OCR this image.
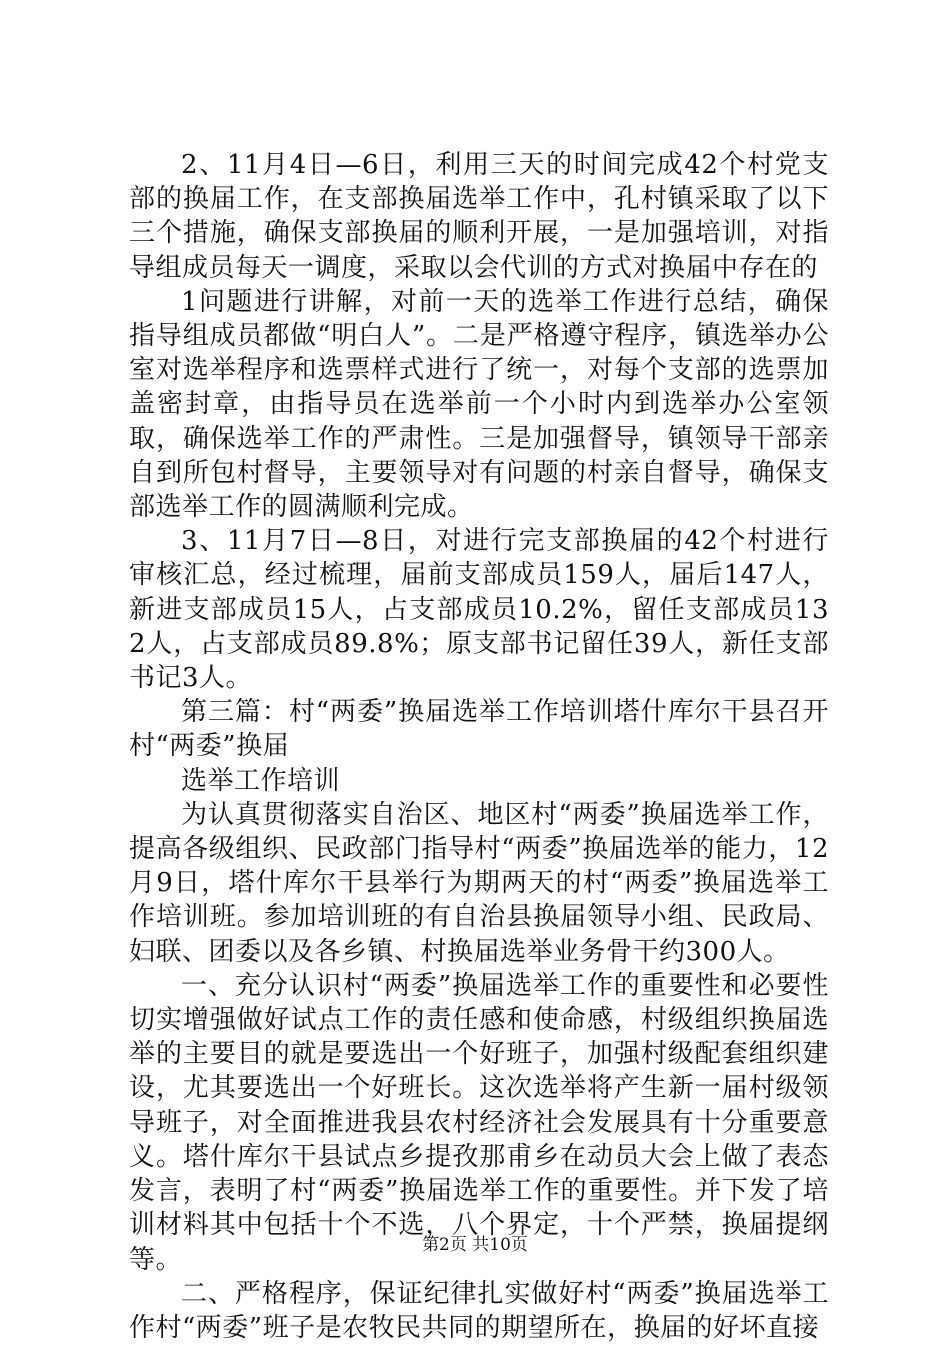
2、11月4日—6日，利用三天的时间完成42个村党支部的换届工作，在支部换届选举工作中，孔村镇采取了以下三个措施，确保支部换届的顺利开展，一是加强培训，对指导组成员每天一调度，采取以会代训的方式对换届中存在的

1问题进行讲解，对前一天的选举工作进行总结，确保指导组成员都做“明白人”。二是严格遵守程序，镇选举办公室对选举程序和选票样式进行了统一，对每个支部的选票加盖密封章，由指导员在选举前一个小时内到选举办公室领取，确保选举工作的严肃性。三是加强督导，镇领导干部亲自到所包村督导，主要领导对有问题的村亲自督导，确保支部选举工作的圆满顺利完成。

3、11月7日—8日，对进行完支部换届的42个村进行审核汇总，经过梳理，届前支部成员159人，届后147人，新进支部成员15人，占支部成员10.2%，留任支部成员132人，占支部成员89.8%；原支部书记留任39人，新任支部书记3人。

第三篇：村“两委”换届选举工作培训塔什库尔干县召开村“两委”换届

选举工作培训

为认真贯彻落实自治区、地区村“两委”换届选举工作，提高各级组织、民政部门指导村“两委”换届选举的能力，12月9日，塔什库尔干县举行为期两天的村“两委”换届选举工作培训班。参加培训班的有自治县换届领导小组、民政局、妇联、团委以及各乡镇、村换届选举业务骨干约300人。

一、充分认识村“两委”换届选举工作的重要性和必要性切实增强做好试点工作的责任感和使命感，村级组织换届选举的主要目的就是要选出一个好班子，加强村级配套组织建设，尤其要选出一个好班长。这次选举将产生新一届村级领导班子，对全面推进我县农村经济社会发展具有十分重要意义。塔什库尔干县试点乡提孜那甫乡在动员大会上做了表态发言，表明了村“两委”换届选举工作的重要性。并下发了培训材料其中包括十个不选，八个界定，十个严禁，换届提纲等。

二、严格程序，保证纪律扎实做好村“两委”换届选举工作村“两委”班子是农牧民共同的期望所在，换届的好坏直接

第2页 共10页
